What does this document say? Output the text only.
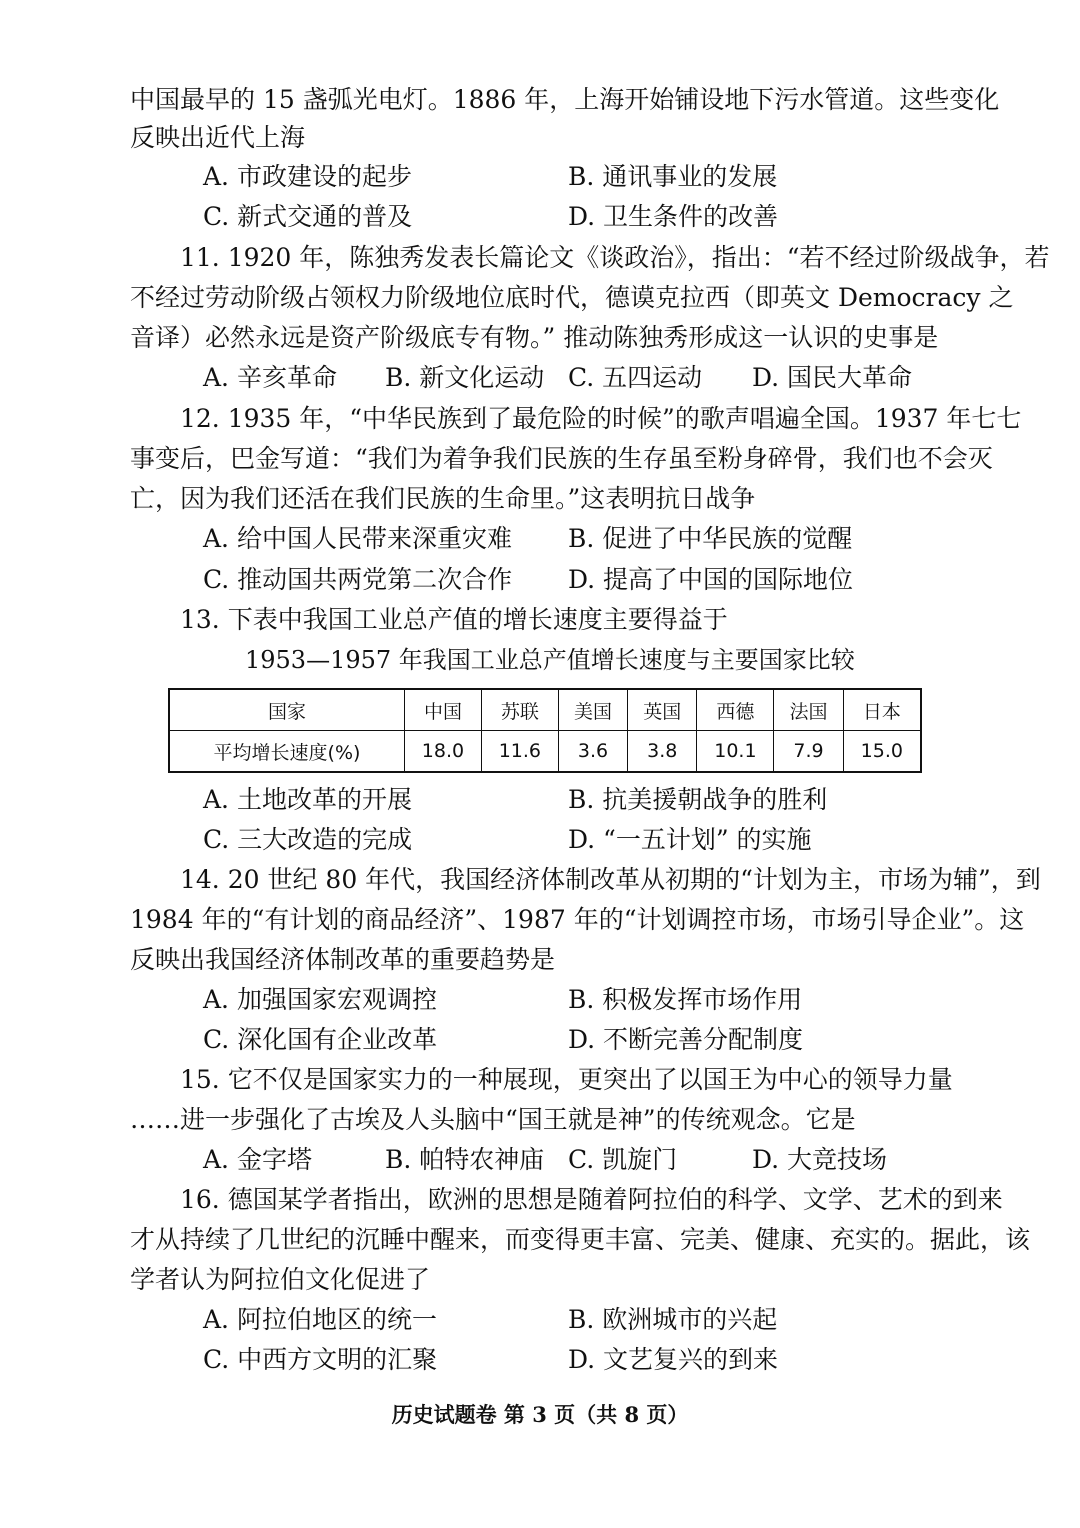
中国最早的 15 盏弧光电灯。1886 年，上海开始铺设地下污水管道。这些变化
反映出近代上海
A. 市政建设的起步	B. 通讯事业的发展
C. 新式交通的普及	D. 卫生条件的改善
11. 1920 年，陈独秀发表长篇论文《谈政治》，指出：“若不经过阶级战争，若
不经过劳动阶级占领权力阶级地位底时代，德谟克拉西（即英文 Democracy 之
音译）必然永远是资产阶级底专有物。” 推动陈独秀形成这一认识的史事是
A. 辛亥革命 B. 新文化运动 C. 五四运动 D. 国民大革命
12. 1935 年，“中华民族到了最危险的时候”的歌声唱遍全国。1937 年七七
事变后，巴金写道：“我们为着争我们民族的生存虽至粉身碎骨，我们也不会灭
亡，因为我们还活在我们民族的生命里。”这表明抗日战争
A. 给中国人民带来深重灾难 B. 促进了中华民族的觉醒
C. 推动国共两党第二次合作 D. 提高了中国的国际地位
13. 下表中我国工业总产值的增长速度主要得益于
1953—1957 年我国工业总产值增长速度与主要国家比较
国家	中国	苏联	美国	英国	西德	法国	日本
平均增长速度(%)	18.0	11.6	3.6	3.8	10.1	7.9	15.0
A. 土地改革的开展	B. 抗美援朝战争的胜利
C. 三大改造的完成	D. “一五计划” 的实施
14. 20 世纪 80 年代，我国经济体制改革从初期的“计划为主，市场为辅”，到
1984 年的“有计划的商品经济”、1987 年的“计划调控市场，市场引导企业”。这
反映出我国经济体制改革的重要趋势是
A. 加强国家宏观调控	B. 积极发挥市场作用
C. 深化国有企业改革	D. 不断完善分配制度
15. 它不仅是国家实力的一种展现，更突出了以国王为中心的领导力量
……进一步强化了古埃及人头脑中“国王就是神”的传统观念。它是
A. 金字塔	B. 帕特农神庙 C. 凯旋门	D. 大竞技场
16. 德国某学者指出，欧洲的思想是随着阿拉伯的科学、文学、艺术的到来
才从持续了几世纪的沉睡中醒来，而变得更丰富、完美、健康、充实的。据此，该
学者认为阿拉伯文化促进了
A. 阿拉伯地区的统一	B. 欧洲城市的兴起
C. 中西方文明的汇聚	D. 文艺复兴的到来
历史试题卷 第 3 页（共 8 页）
